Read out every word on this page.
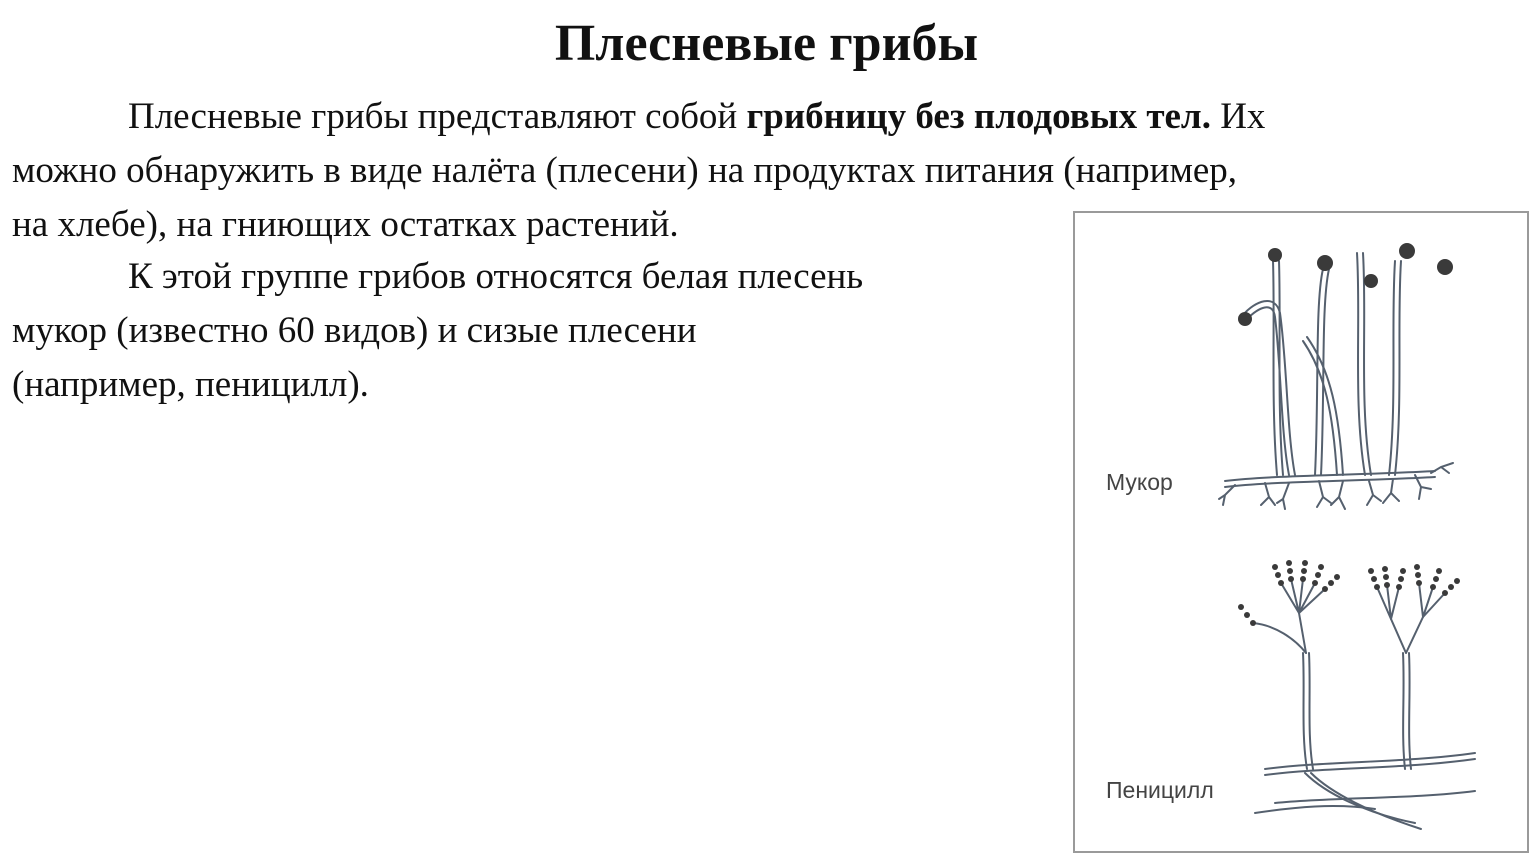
Плесневые грибы

Плесневые грибы представляют собой грибницу без плодовых тел. Их
можно обнаружить в виде налёта (плесени) на продуктах питания (например,
на хлебе), на гниющих остатках растений.

К этой группе грибов относятся белая плесень
мукор (известно 60 видов) и сизые плесени
(например, пеницилл).

Мукор
Пеницилл
